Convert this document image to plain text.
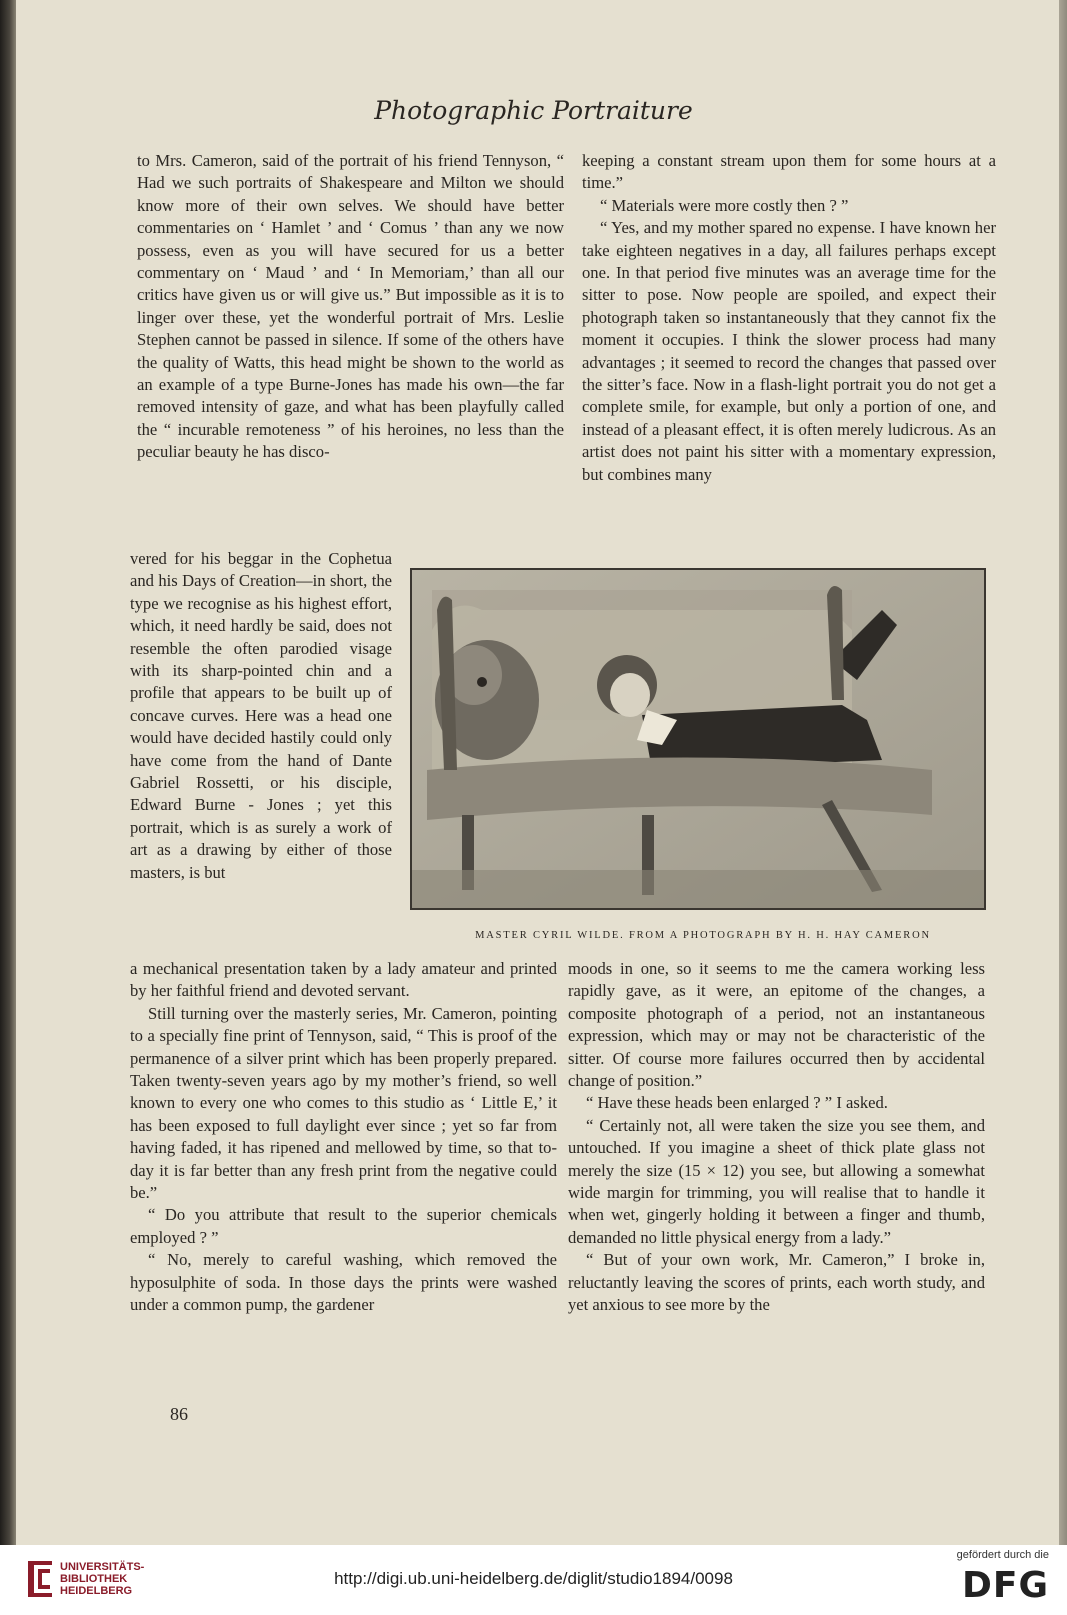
Photographic Portraiture

to Mrs. Cameron, said of the portrait of his friend Tennyson, “ Had we such portraits of Shakespeare and Milton we should know more of their own selves. We should have better commentaries on ‘ Hamlet ’ and ‘ Comus ’ than any we now possess, even as you will have secured for us a better commentary on ‘ Maud ’ and ‘ In Memoriam,’ than all our critics have given us or will give us.” But impossible as it is to linger over these, yet the wonderful portrait of Mrs. Leslie Stephen cannot be passed in silence. If some of the others have the quality of Watts, this head might be shown to the world as an example of a type Burne-Jones has made his own—the far removed intensity of gaze, and what has been playfully called the “ incurable remoteness ” of his heroines, no less than the peculiar beauty he has disco-

vered for his beggar in the Cophetua and his Days of Creation—in short, the type we recognise as his highest effort, which, it need hardly be said, does not resemble the often parodied visage with its sharp-pointed chin and a profile that appears to be built up of concave curves. Here was a head one would have decided hastily could only have come from the hand of Dante Gabriel Rossetti, or his disciple, Edward Burne - Jones ; yet this portrait, which is as surely a work of art as a drawing by either of those masters, is but

a mechanical presentation taken by a lady amateur and printed by her faithful friend and devoted servant.

Still turning over the masterly series, Mr. Cameron, pointing to a specially fine print of Tennyson, said, “ This is proof of the permanence of a silver print which has been properly prepared. Taken twenty-seven years ago by my mother’s friend, so well known to every one who comes to this studio as ‘ Little E,’ it has been exposed to full daylight ever since ; yet so far from having faded, it has ripened and mellowed by time, so that to-day it is far better than any fresh print from the negative could be.”

“ Do you attribute that result to the superior chemicals employed ? ”

“ No, merely to careful washing, which removed the hyposulphite of soda. In those days the prints were washed under a common pump, the gardener

keeping a constant stream upon them for some hours at a time.”

“ Materials were more costly then ? ”

“ Yes, and my mother spared no expense. I have known her take eighteen negatives in a day, all failures perhaps except one. In that period five minutes was an average time for the sitter to pose. Now people are spoiled, and expect their photograph taken so instantaneously that they cannot fix the moment it occupies. I think the slower process had many advantages ; it seemed to record the changes that passed over the sitter’s face. Now in a flash-light portrait you do not get a complete smile, for example, but only a portion of one, and instead of a pleasant effect, it is often merely ludicrous. As an artist does not paint his sitter with a momentary expression, but combines many

moods in one, so it seems to me the camera working less rapidly gave, as it were, an epitome of the changes, a composite photograph of a period, not an instantaneous expression, which may or may not be characteristic of the sitter. Of course more failures occurred then by accidental change of position.”

“ Have these heads been enlarged ? ” I asked.

“ Certainly not, all were taken the size you see them, and untouched. If you imagine a sheet of thick plate glass not merely the size (15 × 12) you see, but allowing a somewhat wide margin for trimming, you will realise that to handle it when wet, gingerly holding it between a finger and thumb, demanded no little physical energy from a lady.”

“ But of your own work, Mr. Cameron,” I broke in, reluctantly leaving the scores of prints, each worth study, and yet anxious to see more by the

MASTER CYRIL WILDE. FROM A PHOTOGRAPH BY H. H. HAY CAMERON
86
UNIVERSITÄTS-
BIBLIOTHEK
HEIDELBERG
http://digi.ub.uni-heidelberg.de/diglit/studio1894/0098
gefördert durch die
DFG
